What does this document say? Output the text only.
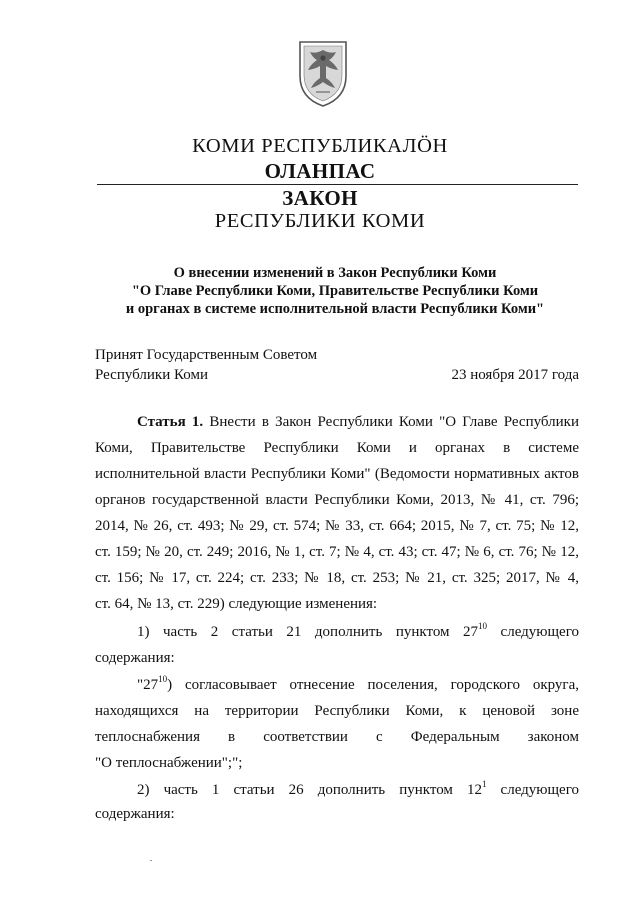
КОМИ РЕСПУБЛИКАЛӦН
ОЛАНПАС
ЗАКОН
РЕСПУБЛИКИ КОМИ
О внесении изменений в Закон Республики Коми
"О Главе Республики Коми, Правительстве Республики Коми
и органах в системе исполнительной власти Республики Коми"
Принят Государственным Советом
Республики Коми	23 ноября 2017 года
Статья 1. Внести в Закон Республики Коми "О Главе Республики
Коми, Правительстве Республики Коми и органах в системе
исполнительной власти Республики Коми" (Ведомости нормативных актов
органов государственной власти Республики Коми, 2013, № 41, ст. 796;
2014, № 26, ст. 493; № 29, ст. 574; № 33, ст. 664; 2015, № 7, ст. 75; № 12,
ст. 159; № 20, ст. 249; 2016, № 1, ст. 7; № 4, ст. 43; ст. 47; № 6, ст. 76; № 12,
ст. 156; № 17, ст. 224; ст. 233; № 18, ст. 253; № 21, ст. 325; 2017, № 4,
ст. 64, № 13, ст. 229) следующие изменения:
1) часть 2 статьи 21 дополнить пунктом $27^{10}$ следующего
содержания:
"$27^{10}$) согласовывает отнесение поселения, городского округа,
находящихся на территории Республики Коми, к ценовой зоне
теплоснабжения в соответствии с Федеральным законом
"О теплоснабжении";";
2) часть 1 статьи 26 дополнить пунктом $12^1$ следующего
содержания:
